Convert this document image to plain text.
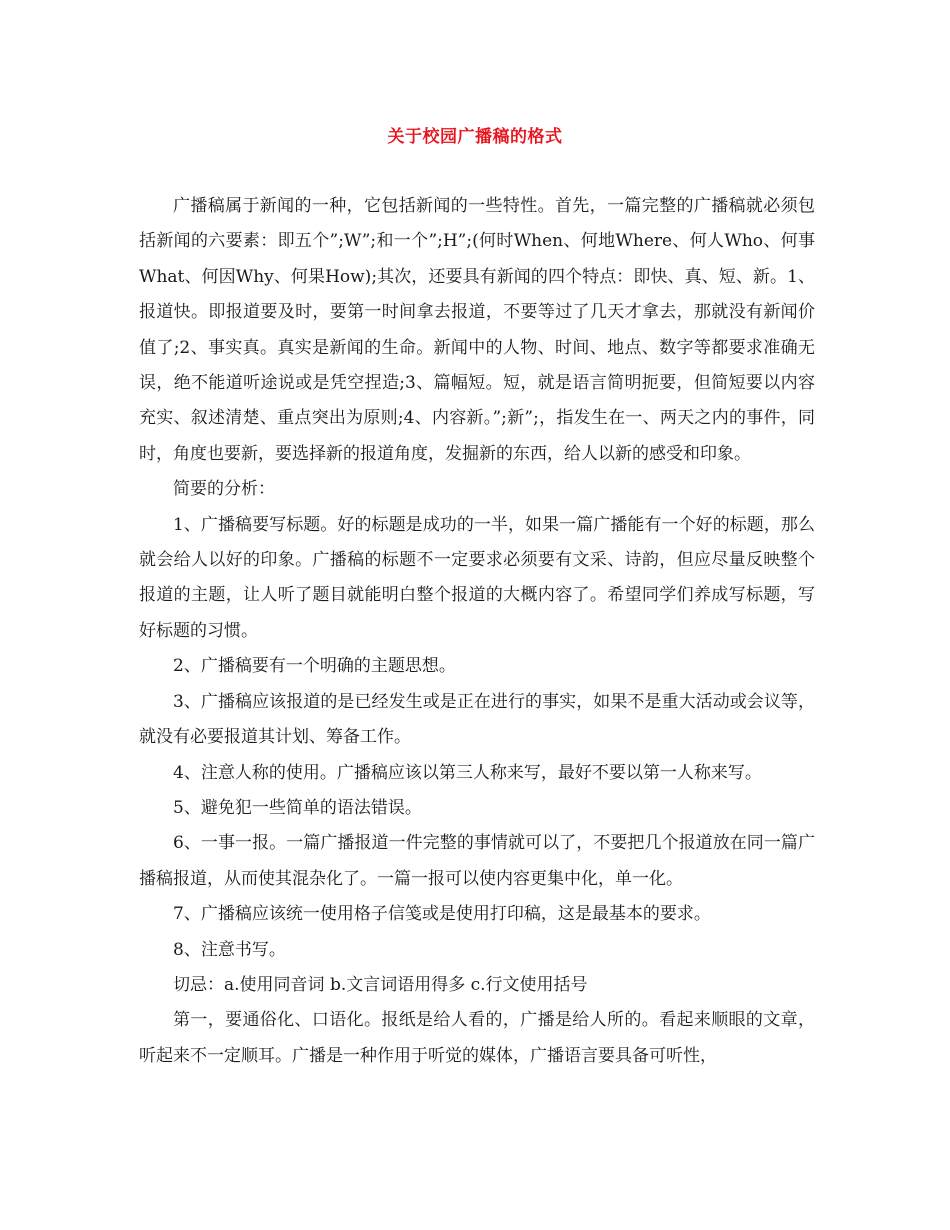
关于校园广播稿的格式

广播稿属于新闻的一种，它包括新闻的一些特性。首先，一篇完整的广播稿就必须包括新闻的六要素：即五个”;W”;和一个”;H”;(何时When、何地Where、何人Who、何事What、何因Why、何果How);其次，还要具有新闻的四个特点：即快、真、短、新。1、报道快。即报道要及时，要第一时间拿去报道，不要等过了几天才拿去，那就没有新闻价值了;2、事实真。真实是新闻的生命。新闻中的人物、时间、地点、数字等都要求准确无误，绝不能道听途说或是凭空捏造;3、篇幅短。短，就是语言简明扼要，但简短要以内容充实、叙述清楚、重点突出为原则;4、内容新。”;新”;，指发生在一、两天之内的事件，同时，角度也要新，要选择新的报道角度，发掘新的东西，给人以新的感受和印象。

简要的分析：

1、广播稿要写标题。好的标题是成功的一半，如果一篇广播能有一个好的标题，那么就会给人以好的印象。广播稿的标题不一定要求必须要有文采、诗韵，但应尽量反映整个报道的主题，让人听了题目就能明白整个报道的大概内容了。希望同学们养成写标题，写好标题的习惯。

2、广播稿要有一个明确的主题思想。

3、广播稿应该报道的是已经发生或是正在进行的事实，如果不是重大活动或会议等，就没有必要报道其计划、筹备工作。

4、注意人称的使用。广播稿应该以第三人称来写，最好不要以第一人称来写。

5、避免犯一些简单的语法错误。

6、一事一报。一篇广播报道一件完整的事情就可以了，不要把几个报道放在同一篇广播稿报道，从而使其混杂化了。一篇一报可以使内容更集中化，单一化。

7、广播稿应该统一使用格子信笺或是使用打印稿，这是最基本的要求。

8、注意书写。

切忌：a.使用同音词 b.文言词语用得多 c.行文使用括号

第一，要通俗化、口语化。报纸是给人看的，广播是给人所的。看起来顺眼的文章，听起来不一定顺耳。广播是一种作用于听觉的媒体，广播语言要具备可听性，
